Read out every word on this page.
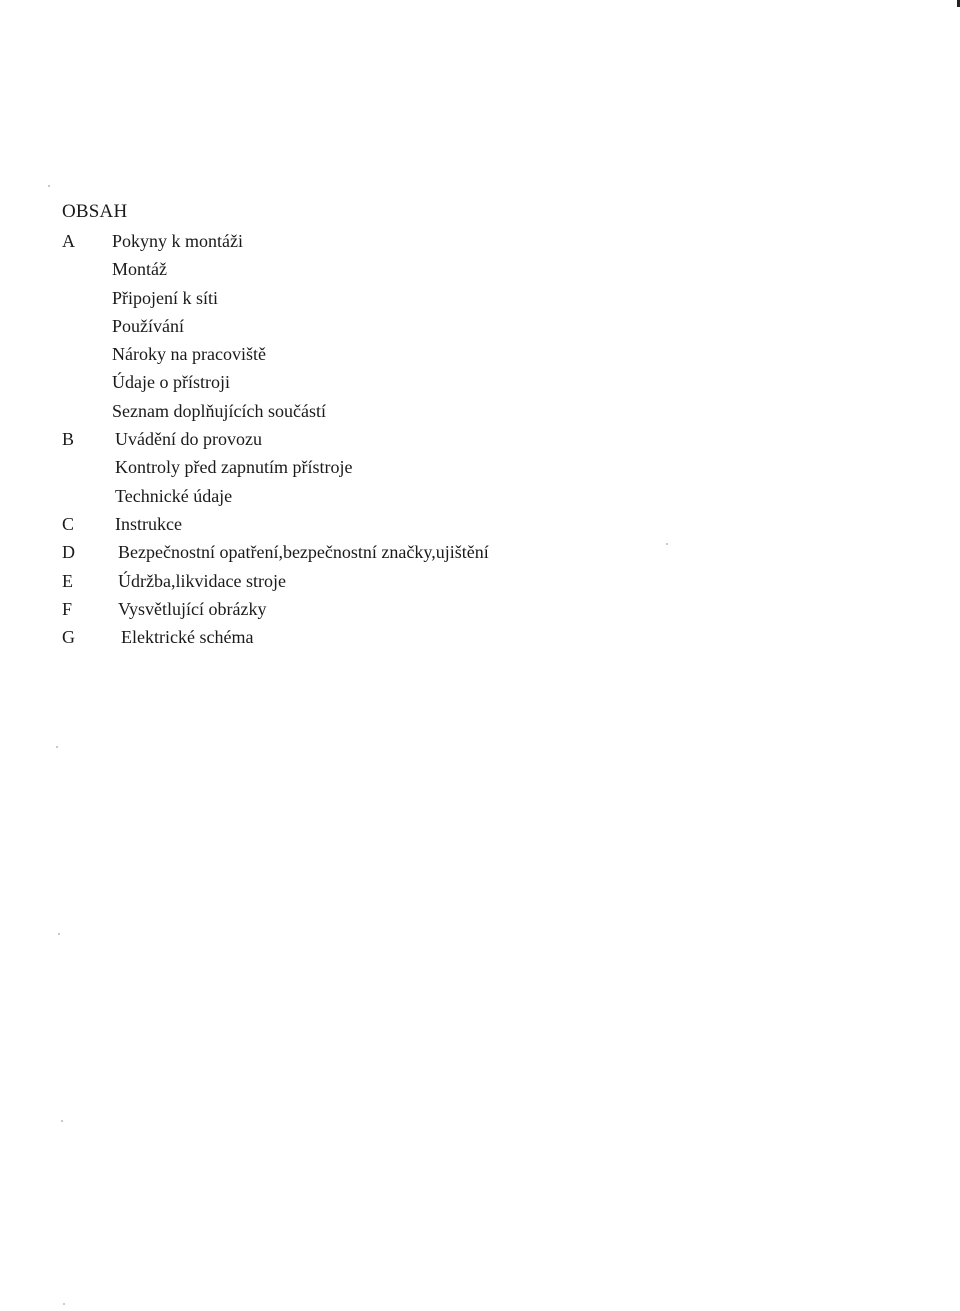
OBSAH
A Pokyny k montáži
Montáž
Připojení k síti
Používání
Nároky na pracoviště
Údaje o přístroji
Seznam doplňujících součástí
B Uvádění do provozu
Kontroly před zapnutím přístroje
Technické údaje
C Instrukce
D Bezpečnostní opatření,bezpečnostní značky,ujištění
E	Údržba,likvidace stroje
F	Vysvětlující obrázky
G	Elektrické schéma
